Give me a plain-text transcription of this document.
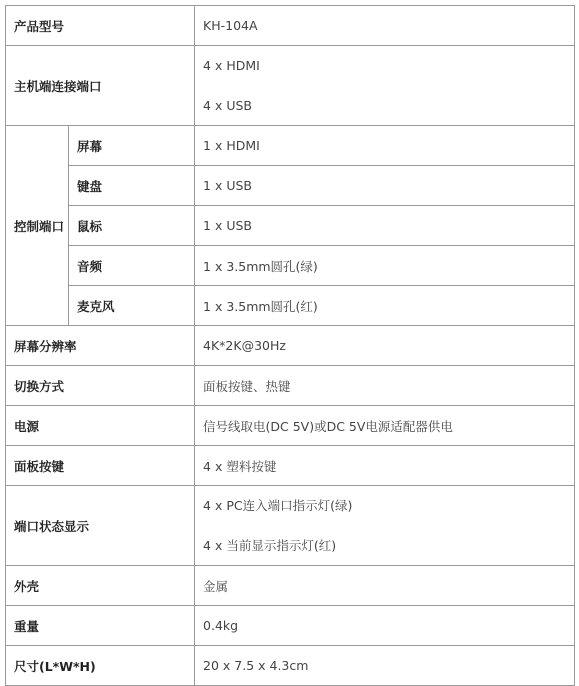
产品型号		KH-104A
主机端连接端口		4 x HDMI
4 x USB

控制端口	屏幕	1 x HDMI
	键盘	1 x USB
	鼠标	1 x USB
	音频	1 x 3.5mm圆孔(绿)
	麦克风	1 x 3.5mm圆孔(红)
屏幕分辨率		4K*2K@30Hz
切换方式		面板按键、热键
电源		信号线取电(DC 5V)或DC 5V电源适配器供电
面板按键		4 x 塑料按键
端口状态显示		4 x PC连入端口指示灯(绿)
4 x 当前显示指示灯(红)

外壳		金属
重量		0.4kg
尺寸(L*W*H)		20 x 7.5 x 4.3cm
